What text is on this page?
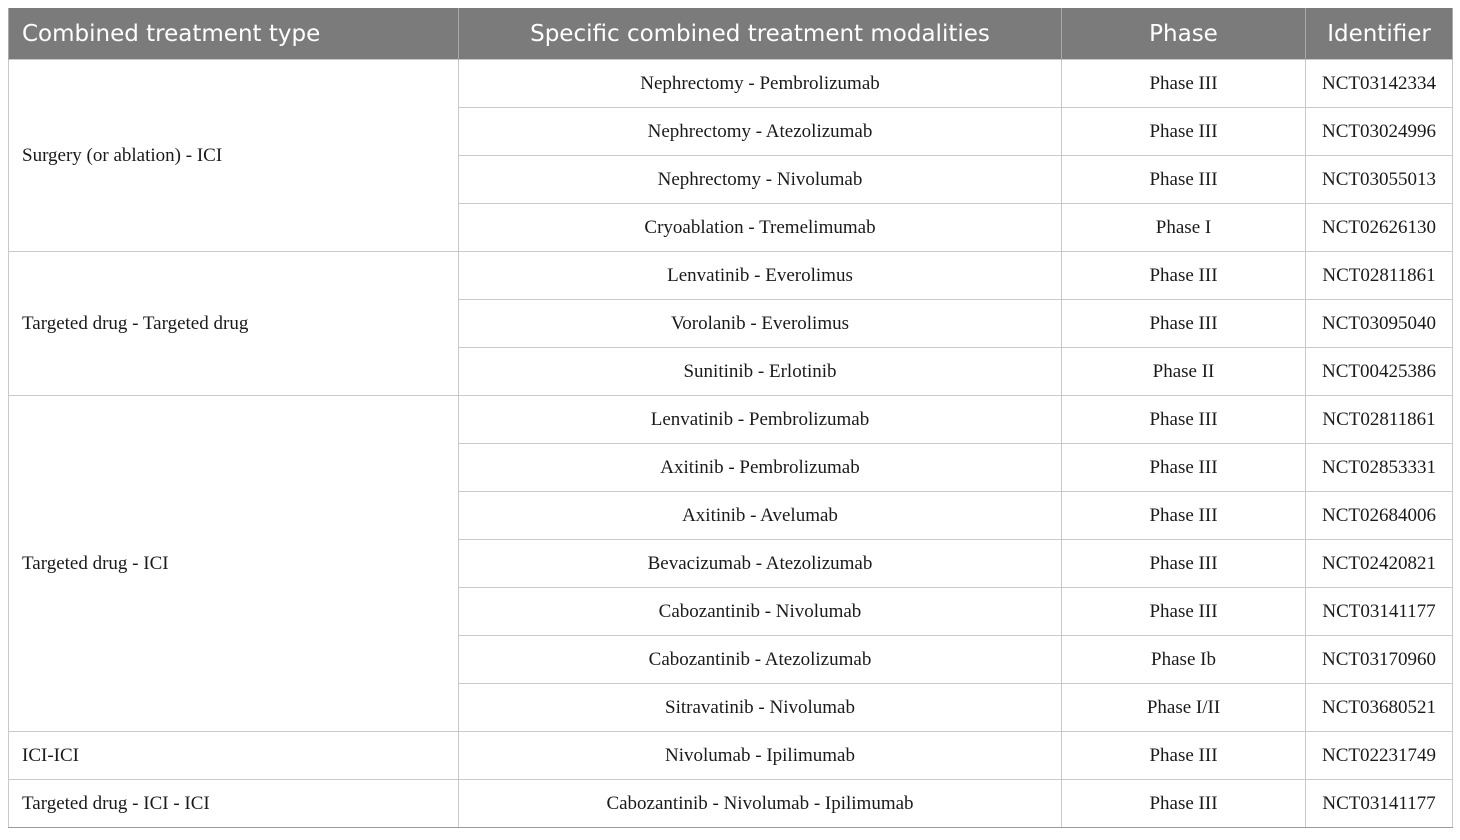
Combined treatment type	Specific combined treatment modalities	Phase	Identifier
Surgery (or ablation) - ICI	Nephrectomy - Pembrolizumab	Phase III	NCT03142334
	Nephrectomy - Atezolizumab	Phase III	NCT03024996
	Nephrectomy - Nivolumab	Phase III	NCT03055013
	Cryoablation - Tremelimumab	Phase I	NCT02626130
Targeted drug - Targeted drug	Lenvatinib - Everolimus	Phase III	NCT02811861
	Vorolanib - Everolimus	Phase III	NCT03095040
	Sunitinib - Erlotinib	Phase II	NCT00425386
Targeted drug - ICI	Lenvatinib - Pembrolizumab	Phase III	NCT02811861
	Axitinib - Pembrolizumab	Phase III	NCT02853331
	Axitinib - Avelumab	Phase III	NCT02684006
	Bevacizumab - Atezolizumab	Phase III	NCT02420821
	Cabozantinib - Nivolumab	Phase III	NCT03141177
	Cabozantinib - Atezolizumab	Phase Ib	NCT03170960
	Sitravatinib - Nivolumab	Phase I/II	NCT03680521
ICI-ICI	Nivolumab - Ipilimumab	Phase III	NCT02231749
Targeted drug - ICI - ICI	Cabozantinib - Nivolumab - Ipilimumab	Phase III	NCT03141177
